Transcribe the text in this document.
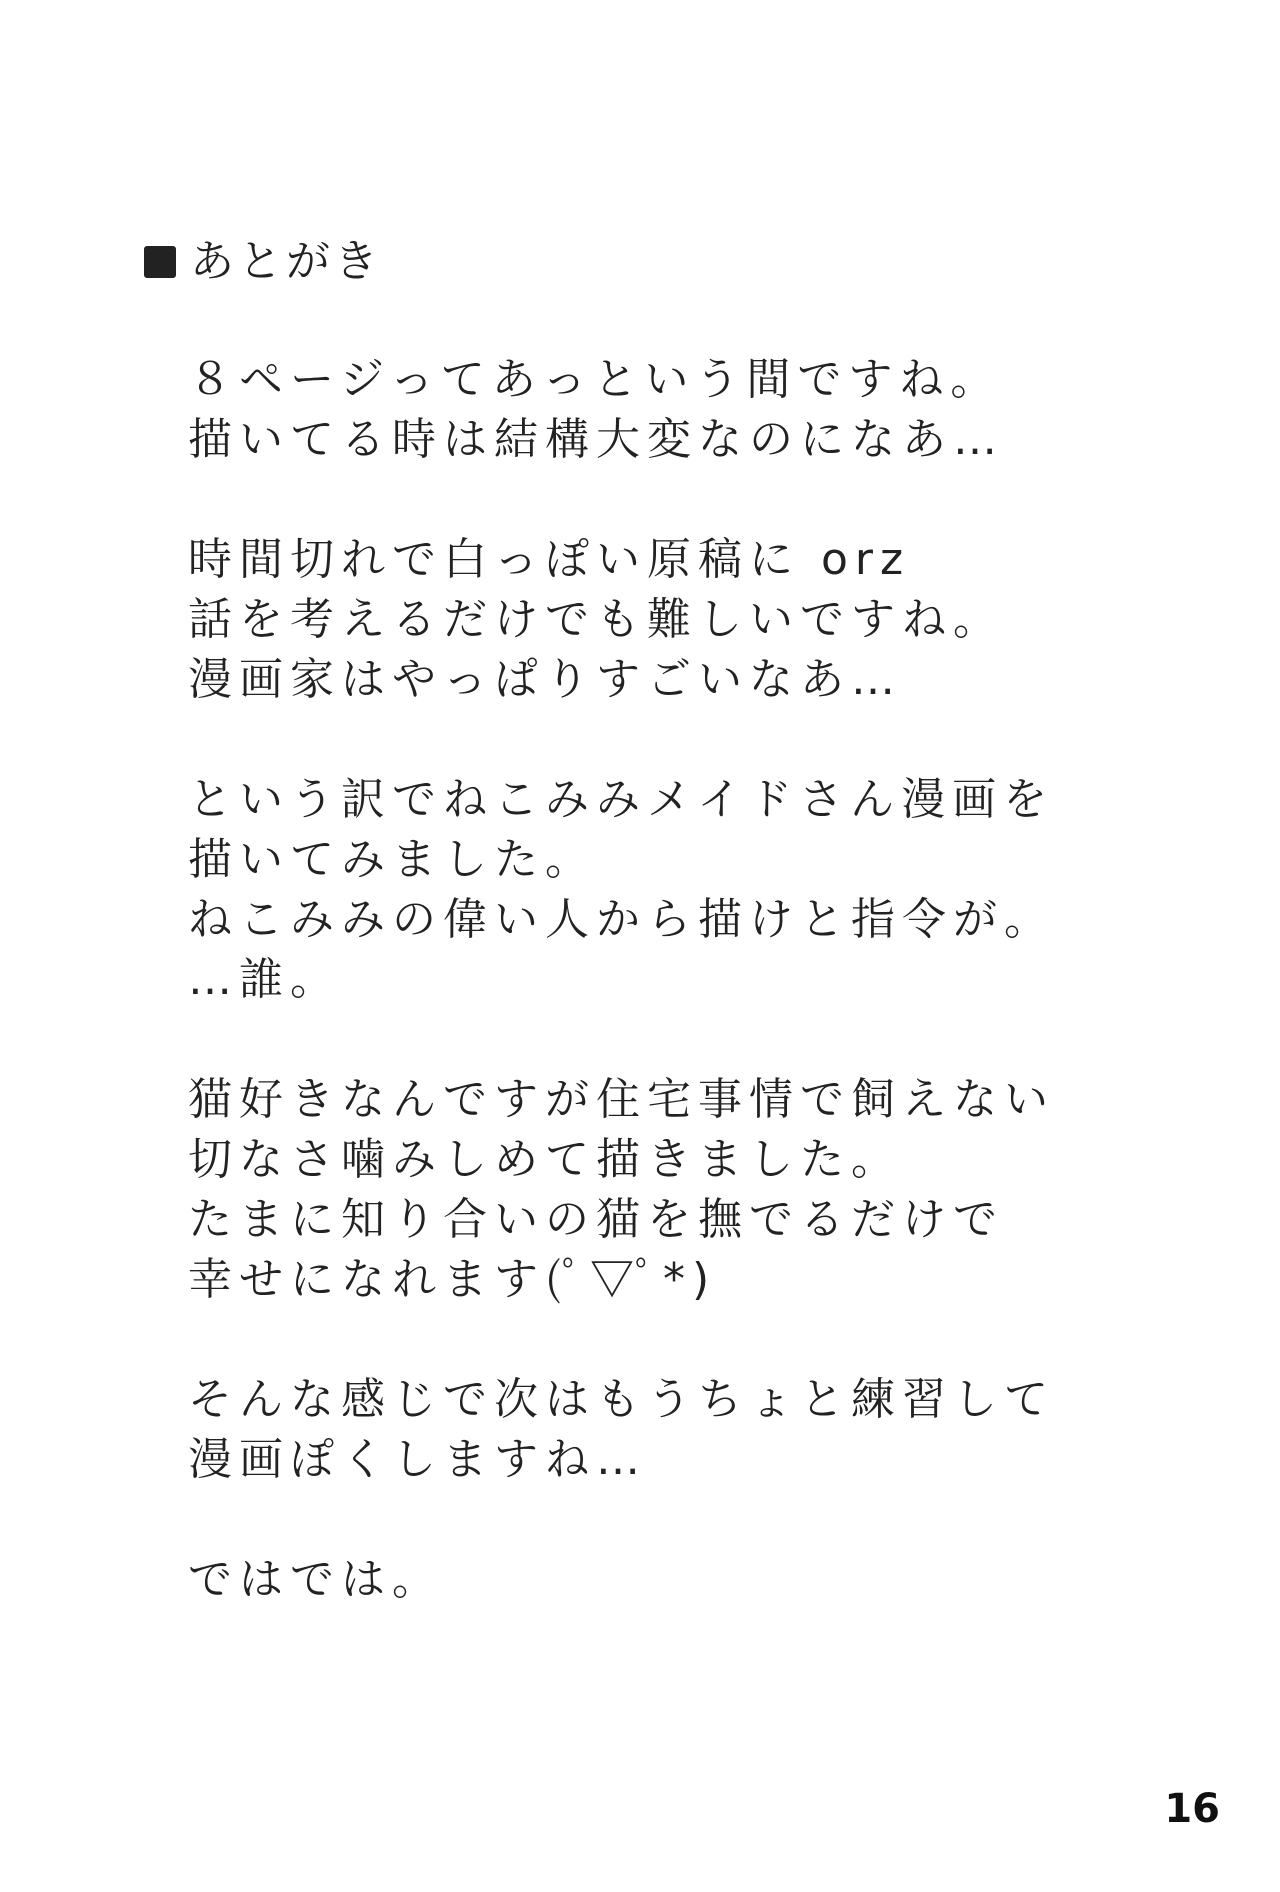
あとがき
８ページってあっという間ですね。
描いてる時は結構大変なのになあ…
時間切れで白っぽい原稿に orz
話を考えるだけでも難しいですね。
漫画家はやっぱりすごいなあ…
という訳でねこみみメイドさん漫画を
描いてみました。
ねこみみの偉い人から描けと指令が。
…誰。
猫好きなんですが住宅事情で飼えない
切なさ噛みしめて描きました。
たまに知り合いの猫を撫でるだけで
幸せになれます(ﾟ▽ﾟ*)
そんな感じで次はもうちょと練習して
漫画ぽくしますね…
ではでは。
16
